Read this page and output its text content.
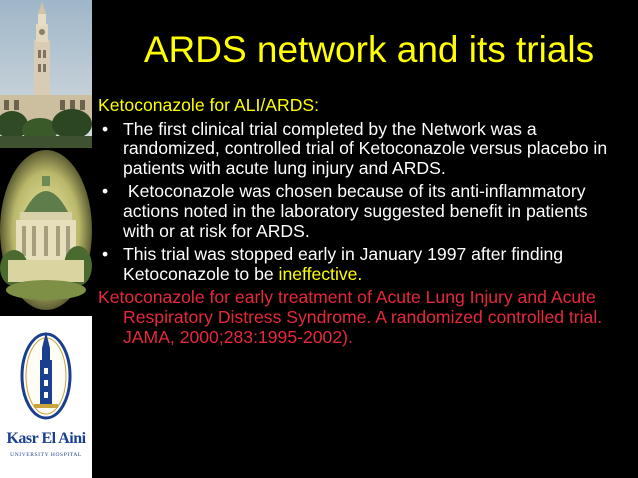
Kasr El Aini
UNIVERSITY HOSPITAL
ARDS network and its trials
Ketoconazole for ALI/ARDS:
• The first clinical trial completed by the Network was a randomized, controlled trial of Ketoconazole versus placebo in patients with acute lung injury and ARDS.
• Ketoconazole was chosen because of its anti-inflammatory actions noted in the laboratory suggested benefit in patients with or at risk for ARDS.
• This trial was stopped early in January 1997 after finding Ketoconazole to be ineffective.
Ketoconazole for early treatment of Acute Lung Injury and Acute Respiratory Distress Syndrome. A randomized controlled trial. JAMA, 2000;283:1995-2002).
